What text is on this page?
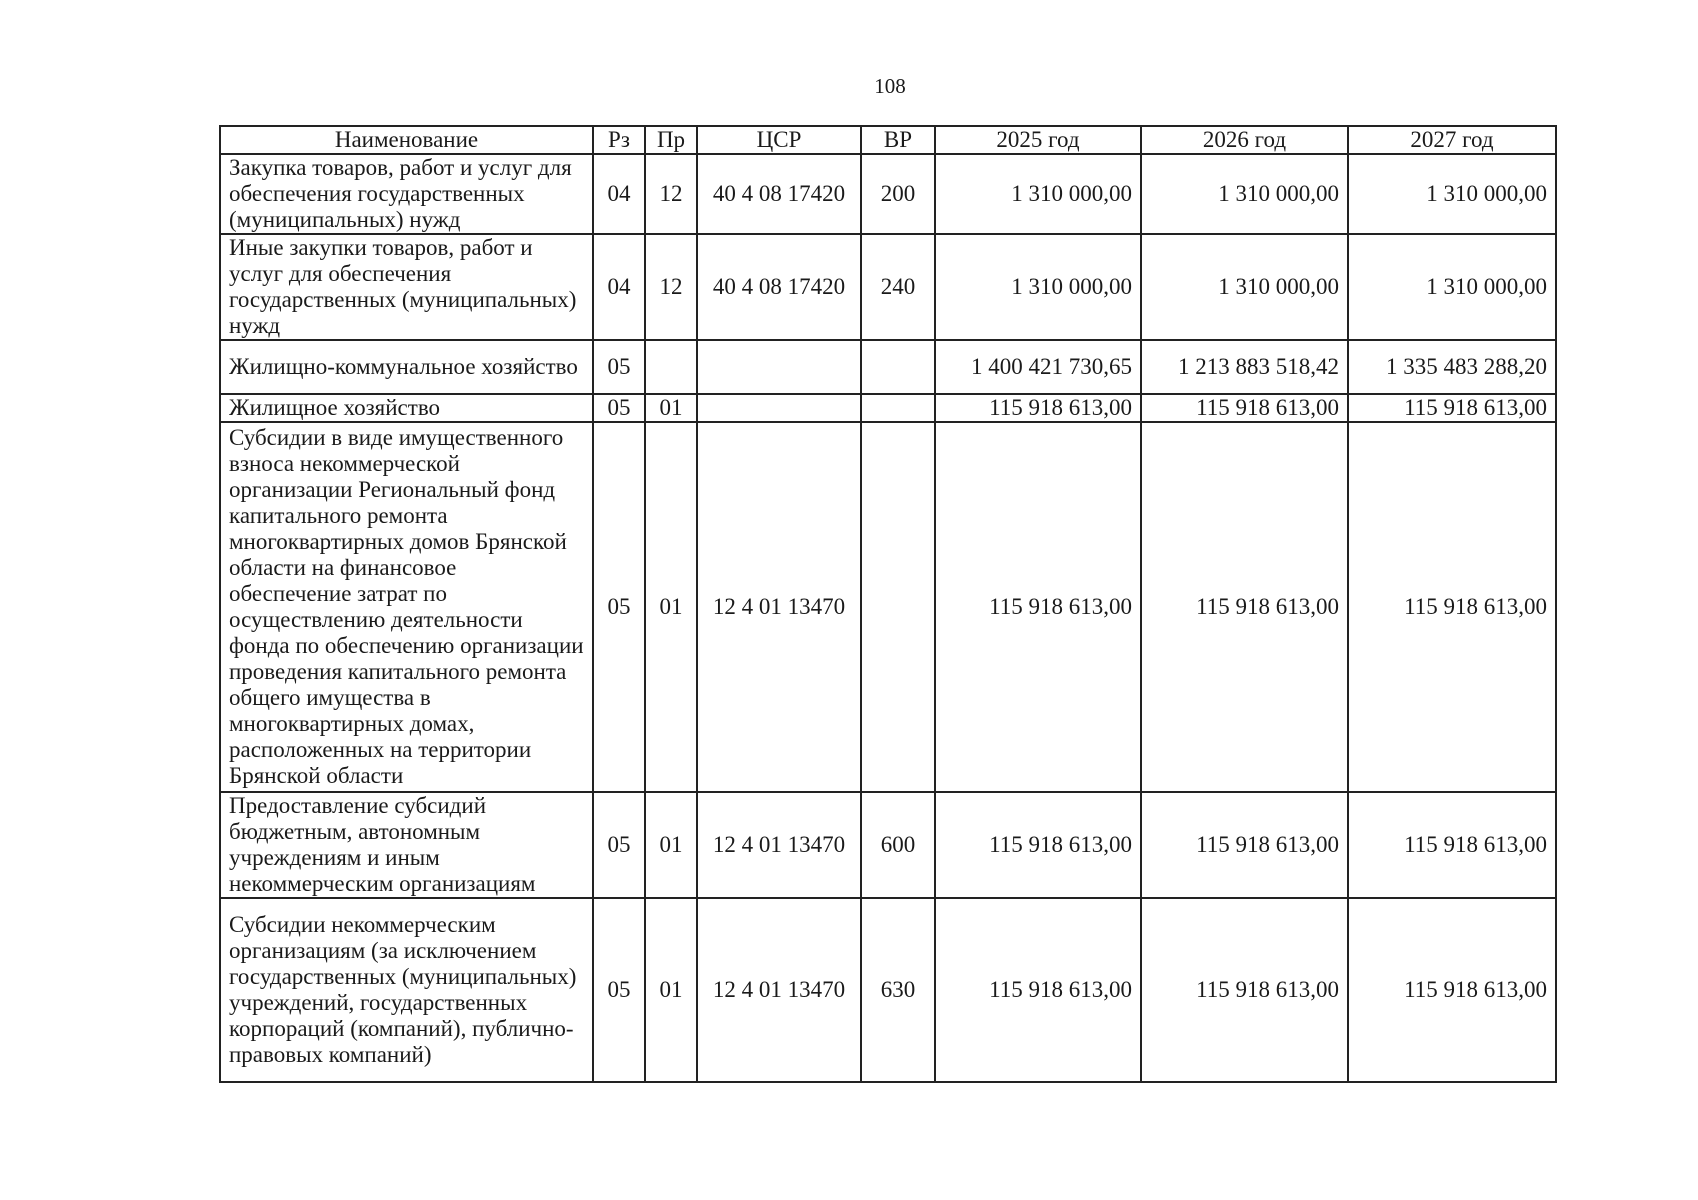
108
Наименование	Рз	Пр	ЦСР	ВР	2025 год	2026 год	2027 год
Закупка товаров, работ и услуг для обеспечения государственных (муниципальных) нужд	04	12	40 4 08 17420	200	1 310 000,00	1 310 000,00	1 310 000,00
Иные закупки товаров, работ и услуг для обеспечения государственных (муниципальных) нужд	04	12	40 4 08 17420	240	1 310 000,00	1 310 000,00	1 310 000,00
Жилищно-коммунальное хозяйство	05				1 400 421 730,65	1 213 883 518,42	1 335 483 288,20
Жилищное хозяйство	05	01			115 918 613,00	115 918 613,00	115 918 613,00
Субсидии в виде имущественного взноса некоммерческой организации Региональный фонд капитального ремонта многоквартирных домов Брянской области на финансовое обеспечение затрат по осуществлению деятельности фонда по обеспечению организации проведения капитального ремонта общего имущества в многоквартирных домах, расположенных на территории Брянской области	05	01	12 4 01 13470		115 918 613,00	115 918 613,00	115 918 613,00
Предоставление субсидий бюджетным, автономным учреждениям и иным некоммерческим организациям	05	01	12 4 01 13470	600	115 918 613,00	115 918 613,00	115 918 613,00
Субсидии некоммерческим организациям (за исключением государственных (муниципальных) учреждений, государственных корпораций (компаний), публично-правовых компаний)	05	01	12 4 01 13470	630	115 918 613,00	115 918 613,00	115 918 613,00
